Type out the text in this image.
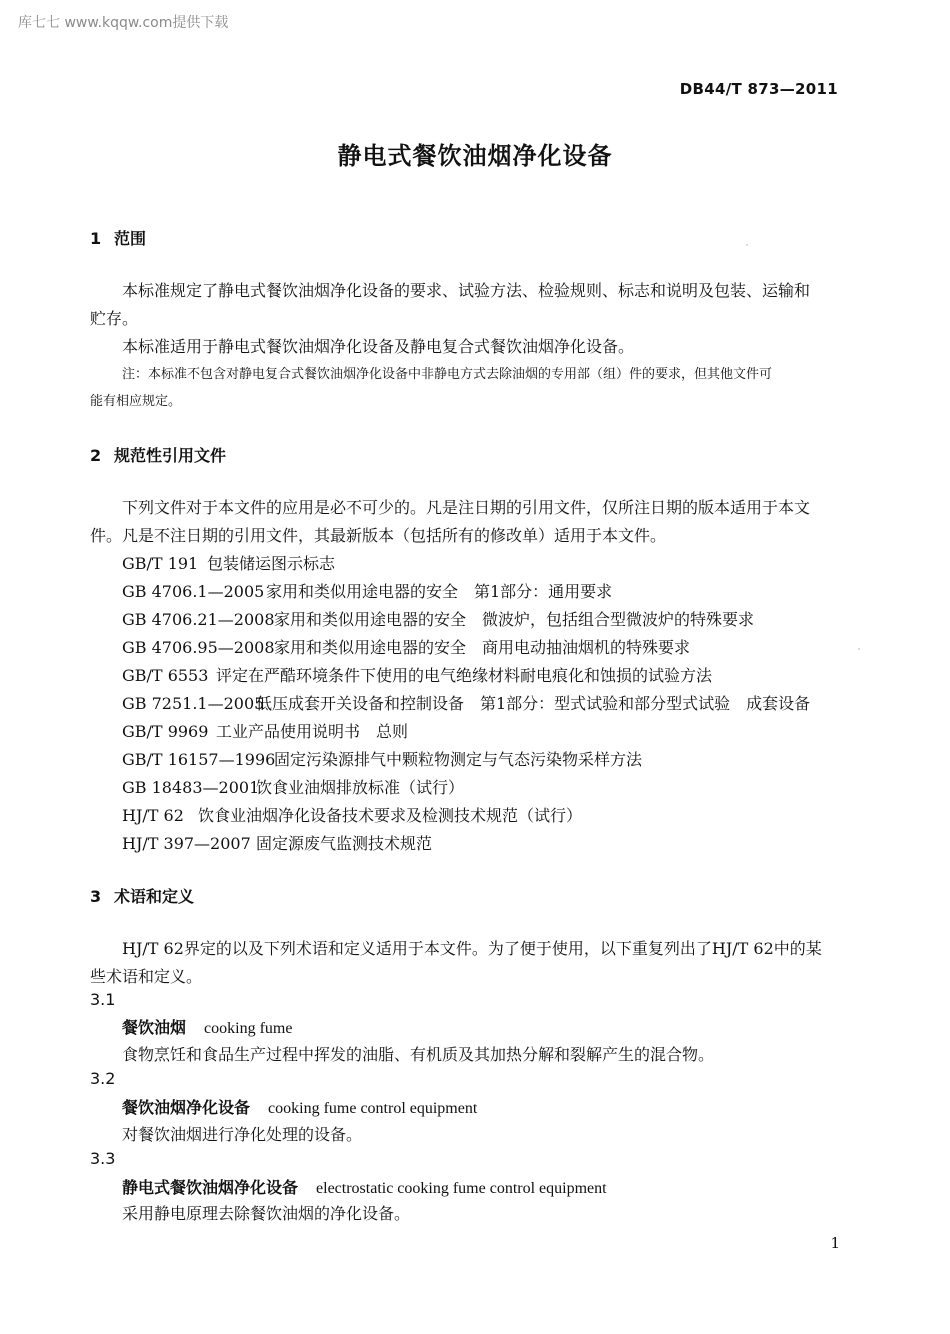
库七七 www.kqqw.com提供下载
DB44/T 873—2011
静电式餐饮油烟净化设备
1 范围
本标准规定了静电式餐饮油烟净化设备的要求、试验方法、检验规则、标志和说明及包装、运输和
贮存。
本标准适用于静电式餐饮油烟净化设备及静电复合式餐饮油烟净化设备。
注：本标准不包含对静电复合式餐饮油烟净化设备中非静电方式去除油烟的专用部（组）件的要求，但其他文件可
能有相应规定。
2 规范性引用文件
下列文件对于本文件的应用是必不可少的。凡是注日期的引用文件，仅所注日期的版本适用于本文
件。凡是不注日期的引用文件，其最新版本（包括所有的修改单）适用于本文件。
GB/T 191 包装储运图示标志
GB 4706.1—2005 家用和类似用途电器的安全　第1部分：通用要求
GB 4706.21—2008家用和类似用途电器的安全　微波炉，包括组合型微波炉的特殊要求
GB 4706.95—2008家用和类似用途电器的安全　商用电动抽油烟机的特殊要求
GB/T 6553 评定在严酷环境条件下使用的电气绝缘材料耐电痕化和蚀损的试验方法
GB 7251.1—2005低压成套开关设备和控制设备　第1部分：型式试验和部分型式试验　成套设备
GB/T 9969 工业产品使用说明书　总则
GB/T 16157—1996固定污染源排气中颗粒物测定与气态污染物采样方法
GB 18483—2001饮食业油烟排放标准（试行）
HJ/T 62 饮食业油烟净化设备技术要求及检测技术规范（试行）
HJ/T 397—2007 固定源废气监测技术规范
3 术语和定义
HJ/T 62界定的以及下列术语和定义适用于本文件。为了便于使用，以下重复列出了HJ/T 62中的某
些术语和定义。
3.1
餐饮油烟 cooking fume
食物烹饪和食品生产过程中挥发的油脂、有机质及其加热分解和裂解产生的混合物。
3.2
餐饮油烟净化设备 cooking fume control equipment
对餐饮油烟进行净化处理的设备。
3.3
静电式餐饮油烟净化设备 electrostatic cooking fume control equipment
采用静电原理去除餐饮油烟的净化设备。
1
